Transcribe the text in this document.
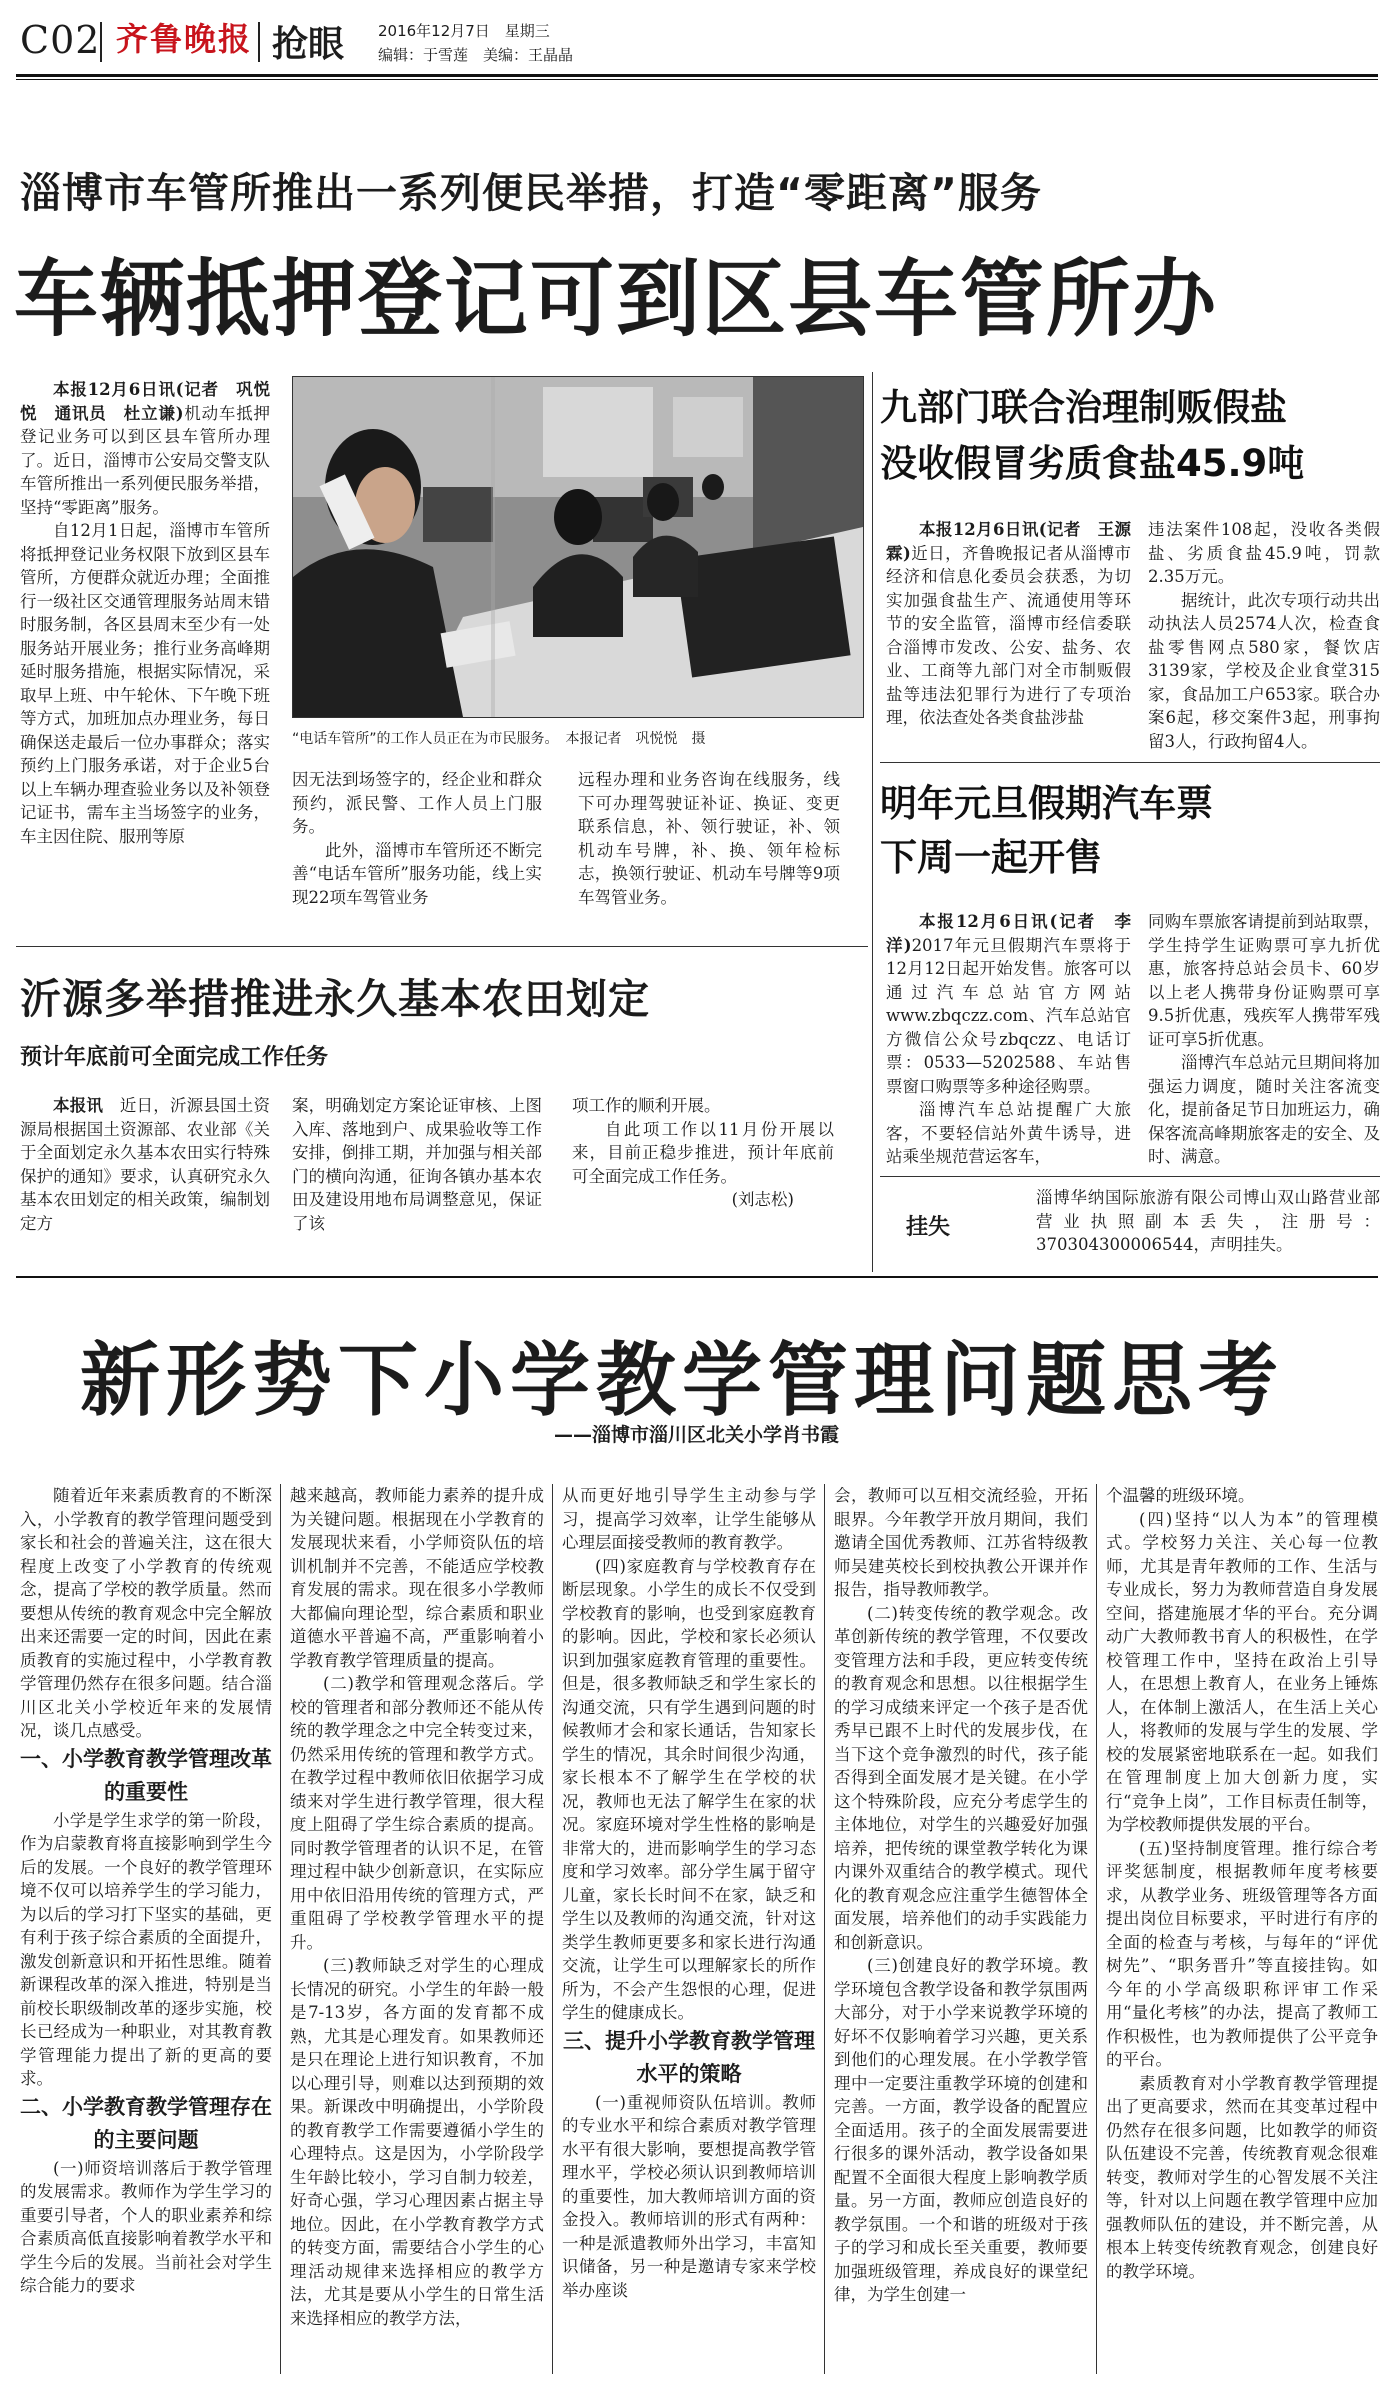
C02 齐鲁晚报 抢眼 2016年12月7日　星期三
编辑：于雪莲　美编：王晶晶
淄博市车管所推出一系列便民举措，打造“零距离”服务
车辆抵押登记可到区县车管所办

本报12月6日讯(记者　巩悦悦　通讯员　杜立谦)机动车抵押登记业务可以到区县车管所办理了。近日，淄博市公安局交警支队车管所推出一系列便民服务举措，坚持“零距离”服务。

自12月1日起，淄博市车管所将抵押登记业务权限下放到区县车管所，方便群众就近办理；全面推行一级社区交通管理服务站周末错时服务制，各区县周末至少有一处服务站开展业务；推行业务高峰期延时服务措施，根据实际情况，采取早上班、中午轮休、下午晚下班等方式，加班加点办理业务，每日确保送走最后一位办事群众；落实预约上门服务承诺，对于企业5台以上车辆办理查验业务以及补领登记证书，需车主当场签字的业务，车主因住院、服刑等原

“电话车管所”的工作人员正在为市民服务。　本报记者　巩悦悦　摄

因无法到场签字的，经企业和群众预约，派民警、工作人员上门服务。

此外，淄博市车管所还不断完善“电话车管所”服务功能，线上实现22项车驾管业务

远程办理和业务咨询在线服务，线下可办理驾驶证补证、换证、变更联系信息，补、领行驶证，补、领机动车号牌，补、换、领年检标志，换领行驶证、机动车号牌等9项车驾管业务。

九部门联合治理制贩假盐
没收假冒劣质食盐45.9吨

本报12月6日讯(记者　王源霖)近日，齐鲁晚报记者从淄博市经济和信息化委员会获悉，为切实加强食盐生产、流通使用等环节的安全监管，淄博市经信委联合淄博市发改、公安、盐务、农业、工商等九部门对全市制贩假盐等违法犯罪行为进行了专项治理，依法查处各类食盐涉盐

违法案件108起，没收各类假盐、劣质食盐45.9吨，罚款2.35万元。

据统计，此次专项行动共出动执法人员2574人次，检查食盐零售网点580家，餐饮店3139家，学校及企业食堂315家，食品加工户653家。联合办案6起，移交案件3起，刑事拘留3人，行政拘留4人。

明年元旦假期汽车票
下周一起开售

本报12月6日讯(记者　李洋)2017年元旦假期汽车票将于12月12日起开始发售。旅客可以通过汽车总站官方网站www.zbqczz.com、汽车总站官方微信公众号zbqczz、电话订票：0533—5202588、车站售票窗口购票等多种途径购票。

淄博汽车总站提醒广大旅客，不要轻信站外黄牛诱导，进站乘坐规范营运客车，

同购车票旅客请提前到站取票，学生持学生证购票可享九折优惠，旅客持总站会员卡、60岁以上老人携带身份证购票可享9.5折优惠，残疾军人携带军残证可享5折优惠。

淄博汽车总站元旦期间将加强运力调度，随时关注客流变化，提前备足节日加班运力，确保客流高峰期旅客走的安全、及时、满意。

挂失

淄博华纳国际旅游有限公司博山双山路营业部营业执照副本丢失，注册号：370304300006544，声明挂失。

沂源多举措推进永久基本农田划定
预计年底前可全面完成工作任务

本报讯　 近日，沂源县国土资源局根据国土资源部、农业部《关于全面划定永久基本农田实行特殊保护的通知》要求，认真研究永久基本农田划定的相关政策，编制划定方

案，明确划定方案论证审核、上图入库、落地到户、成果验收等工作安排，倒排工期，并加强与相关部门的横向沟通，征询各镇办基本农田及建设用地布局调整意见，保证了该

项工作的顺利开展。

自此项工作以11月份开展以来，目前正稳步推进，预计年底前可全面完成工作任务。

(刘志松)

新形势下小学教学管理问题思考
——淄博市淄川区北关小学肖书霞

随着近年来素质教育的不断深入，小学教育的教学管理问题受到家长和社会的普遍关注，这在很大程度上改变了小学教育的传统观念，提高了学校的教学质量。然而要想从传统的教育观念中完全解放出来还需要一定的时间，因此在素质教育的实施过程中，小学教育教学管理仍然存在很多问题。结合淄川区北关小学校近年来的发展情况，谈几点感受。

一、小学教育教学管理改革的重要性

小学是学生求学的第一阶段，作为启蒙教育将直接影响到学生今后的发展。一个良好的教学管理环境不仅可以培养学生的学习能力，为以后的学习打下坚实的基础，更有利于孩子综合素质的全面提升，激发创新意识和开拓性思维。随着新课程改革的深入推进，特别是当前校长职级制改革的逐步实施，校长已经成为一种职业，对其教育教学管理能力提出了新的更高的要求。

二、小学教育教学管理存在的主要问题

(一)师资培训落后于教学管理的发展需求。教师作为学生学习的重要引导者，个人的职业素养和综合素质高低直接影响着教学水平和学生今后的发展。当前社会对学生综合能力的要求

越来越高，教师能力素养的提升成为关键问题。根据现在小学教育的发展现状来看，小学师资队伍的培训机制并不完善，不能适应学校教育发展的需求。现在很多小学教师大都偏向理论型，综合素质和职业道德水平普遍不高，严重影响着小学教育教学管理质量的提高。

(二)教学和管理观念落后。学校的管理者和部分教师还不能从传统的教学理念之中完全转变过来，仍然采用传统的管理和教学方式。在教学过程中教师依旧依据学习成绩来对学生进行教学管理，很大程度上阻碍了学生综合素质的提高。同时教学管理者的认识不足，在管理过程中缺少创新意识，在实际应用中依旧沿用传统的管理方式，严重阻碍了学校教学管理水平的提升。

(三)教师缺乏对学生的心理成长情况的研究。小学生的年龄一般是7-13岁，各方面的发育都不成熟，尤其是心理发育。如果教师还是只在理论上进行知识教育，不加以心理引导，则难以达到预期的效果。新课改中明确提出，小学阶段的教育教学工作需要遵循小学生的心理特点。这是因为，小学阶段学生年龄比较小，学习自制力较差，好奇心强，学习心理因素占据主导地位。因此，在小学教育教学方式的转变方面，需要结合小学生的心理活动规律来选择相应的教学方法，尤其是要从小学生的日常生活来选择相应的教学方法，

从而更好地引导学生主动参与学习，提高学习效率，让学生能够从心理层面接受教师的教育教学。

(四)家庭教育与学校教育存在断层现象。小学生的成长不仅受到学校教育的影响，也受到家庭教育的影响。因此，学校和家长必须认识到加强家庭教育管理的重要性。但是，很多教师缺乏和学生家长的沟通交流，只有学生遇到问题的时候教师才会和家长通话，告知家长学生的情况，其余时间很少沟通，家长根本不了解学生在学校的状况，教师也无法了解学生在家的状况。家庭环境对学生性格的影响是非常大的，进而影响学生的学习态度和学习效率。部分学生属于留守儿童，家长长时间不在家，缺乏和学生以及教师的沟通交流，针对这类学生教师更要多和家长进行沟通交流，让学生可以理解家长的所作所为，不会产生怨恨的心理，促进学生的健康成长。

三、提升小学教育教学管理水平的策略

(一)重视师资队伍培训。教师的专业水平和综合素质对教学管理水平有很大影响，要想提高教学管理水平，学校必须认识到教师培训的重要性，加大教师培训方面的资金投入。教师培训的形式有两种：一种是派遣教师外出学习，丰富知识储备，另一种是邀请专家来学校举办座谈

会，教师可以互相交流经验，开拓眼界。今年教学开放月期间，我们邀请全国优秀教师、江苏省特级教师吴建英校长到校执教公开课并作报告，指导教师教学。

(二)转变传统的教学观念。改革创新传统的教学管理，不仅要改变管理方法和手段，更应转变传统的教育观念和思想。以往根据学生的学习成绩来评定一个孩子是否优秀早已跟不上时代的发展步伐，在当下这个竞争激烈的时代，孩子能否得到全面发展才是关键。在小学这个特殊阶段，应充分考虑学生的主体地位，对学生的兴趣爱好加强培养，把传统的课堂教学转化为课内课外双重结合的教学模式。现代化的教育观念应注重学生德智体全面发展，培养他们的动手实践能力和创新意识。

(三)创建良好的教学环境。教学环境包含教学设备和教学氛围两大部分，对于小学来说教学环境的好坏不仅影响着学习兴趣，更关系到他们的心理发展。在小学教学管理中一定要注重教学环境的创建和完善。一方面，教学设备的配置应全面适用。孩子的全面发展需要进行很多的课外活动，教学设备如果配置不全面很大程度上影响教学质量。另一方面，教师应创造良好的教学氛围。一个和谐的班级对于孩子的学习和成长至关重要，教师要加强班级管理，养成良好的课堂纪律，为学生创建一

个温馨的班级环境。

(四)坚持“以人为本”的管理模式。学校努力关注、关心每一位教师，尤其是青年教师的工作、生活与专业成长，努力为教师营造自身发展空间，搭建施展才华的平台。充分调动广大教师教书育人的积极性，在学校管理工作中，坚持在政治上引导人，在思想上教育人，在业务上锤炼人，在体制上激活人，在生活上关心人，将教师的发展与学生的发展、学校的发展紧密地联系在一起。如我们在管理制度上加大创新力度，实行“竞争上岗”，工作目标责任制等，为学校教师提供发展的平台。

(五)坚持制度管理。推行综合考评奖惩制度，根据教师年度考核要求，从教学业务、班级管理等各方面提出岗位目标要求，平时进行有序的全面的检查与考核，与每年的“评优树先”、“职务晋升”等直接挂钩。如今年的小学高级职称评审工作采用“量化考核”的办法，提高了教师工作积极性，也为教师提供了公平竞争的平台。

素质教育对小学教育教学管理提出了更高要求，然而在其变革过程中仍然存在很多问题，比如教学的师资队伍建设不完善，传统教育观念很难转变，教师对学生的心智发展不关注等，针对以上问题在教学管理中应加强教师队伍的建设，并不断完善，从根本上转变传统教育观念，创建良好的教学环境。
